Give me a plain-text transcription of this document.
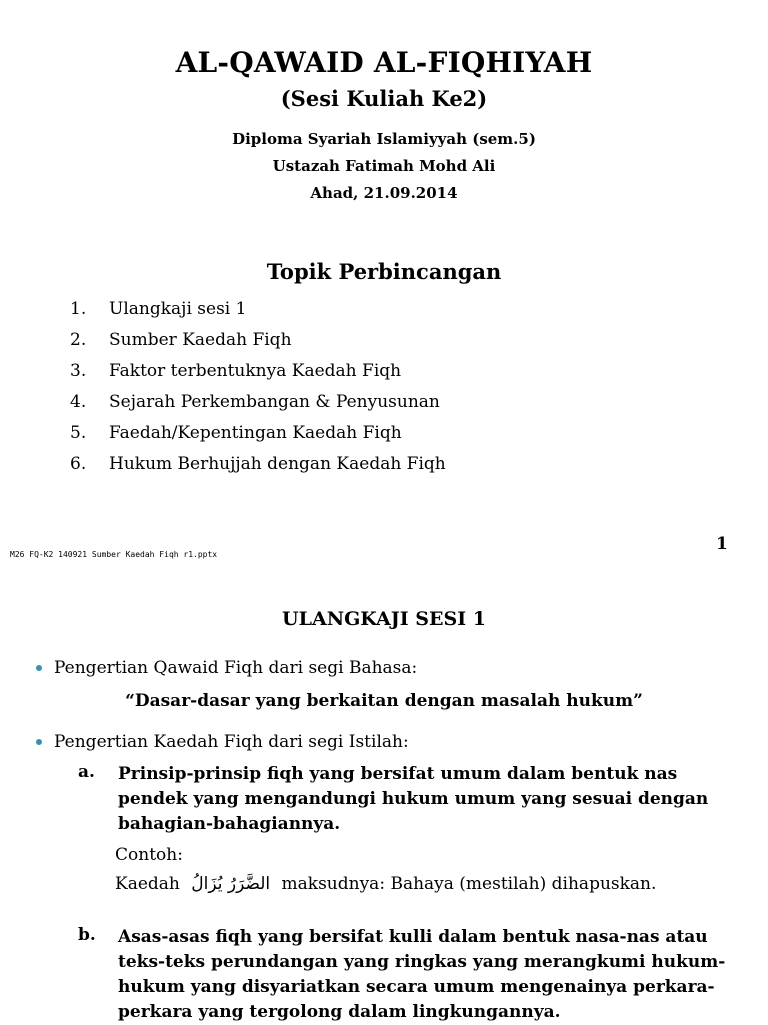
AL-QAWAID AL-FIQHIYAH
(Sesi Kuliah Ke2)
Diploma Syariah Islamiyyah (sem.5)
Ustazah Fatimah Mohd Ali
Ahad, 21.09.2014
Topik Perbincangan
1.	Ulangkaji sesi 1
2.	Sumber Kaedah Fiqh
3.	Faktor terbentuknya Kaedah Fiqh
4.	Sejarah Perkembangan & Penyusunan
5.	Faedah/Kepentingan Kaedah Fiqh
6.	Hukum Berhujjah dengan Kaedah Fiqh
M26 FQ-K2 140921 Sumber Kaedah Fiqh r1.pptx
1
ULANGKAJI SESI 1
Pengertian Qawaid Fiqh dari segi Bahasa:
“Dasar-dasar yang berkaitan dengan masalah hukum”
Pengertian Kaedah Fiqh dari segi Istilah:
a.	Prinsip-prinsip fiqh yang bersifat umum dalam bentuk nas pendek yang mengandungi hukum umum yang sesuai dengan bahagian-bahagiannya.
Contoh:
Kaedah الضَّرَرُ يُزَالُ maksudnya: Bahaya (mestilah) dihapuskan.
b.	Asas-asas fiqh yang bersifat kulli dalam bentuk nasa-nas atau teks-teks perundangan yang ringkas yang merangkumi hukum-hukum yang disyariatkan secara umum mengenainya perkara-perkara yang tergolong dalam lingkungannya.
